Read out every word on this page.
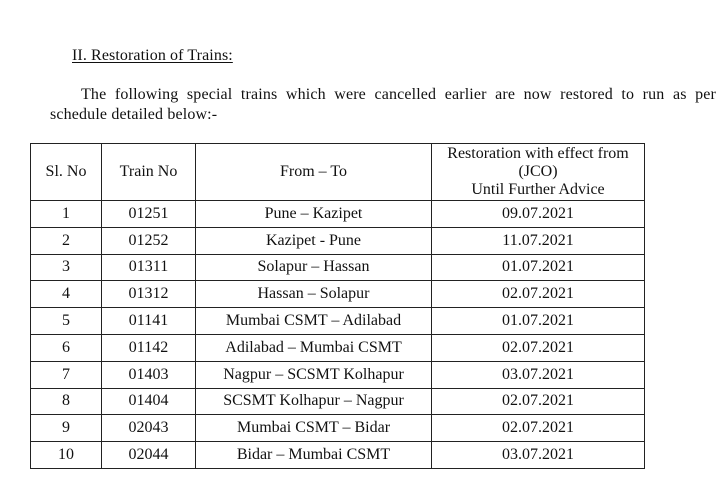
II. Restoration of Trains:

The following special trains which were cancelled earlier are now restored to run as per schedule detailed below:-

Sl. No	Train No	From – To	Restoration with effect from
(JCO)
Until Further Advice

1	01251	Pune – Kazipet	09.07.2021
2	01252	Kazipet - Pune	11.07.2021
3	01311	Solapur – Hassan	01.07.2021
4	01312	Hassan – Solapur	02.07.2021
5	01141	Mumbai CSMT – Adilabad	01.07.2021
6	01142	Adilabad – Mumbai CSMT	02.07.2021
7	01403	Nagpur – SCSMT Kolhapur	03.07.2021
8	01404	SCSMT Kolhapur – Nagpur	02.07.2021
9	02043	Mumbai CSMT – Bidar	02.07.2021
10	02044	Bidar – Mumbai CSMT	03.07.2021
